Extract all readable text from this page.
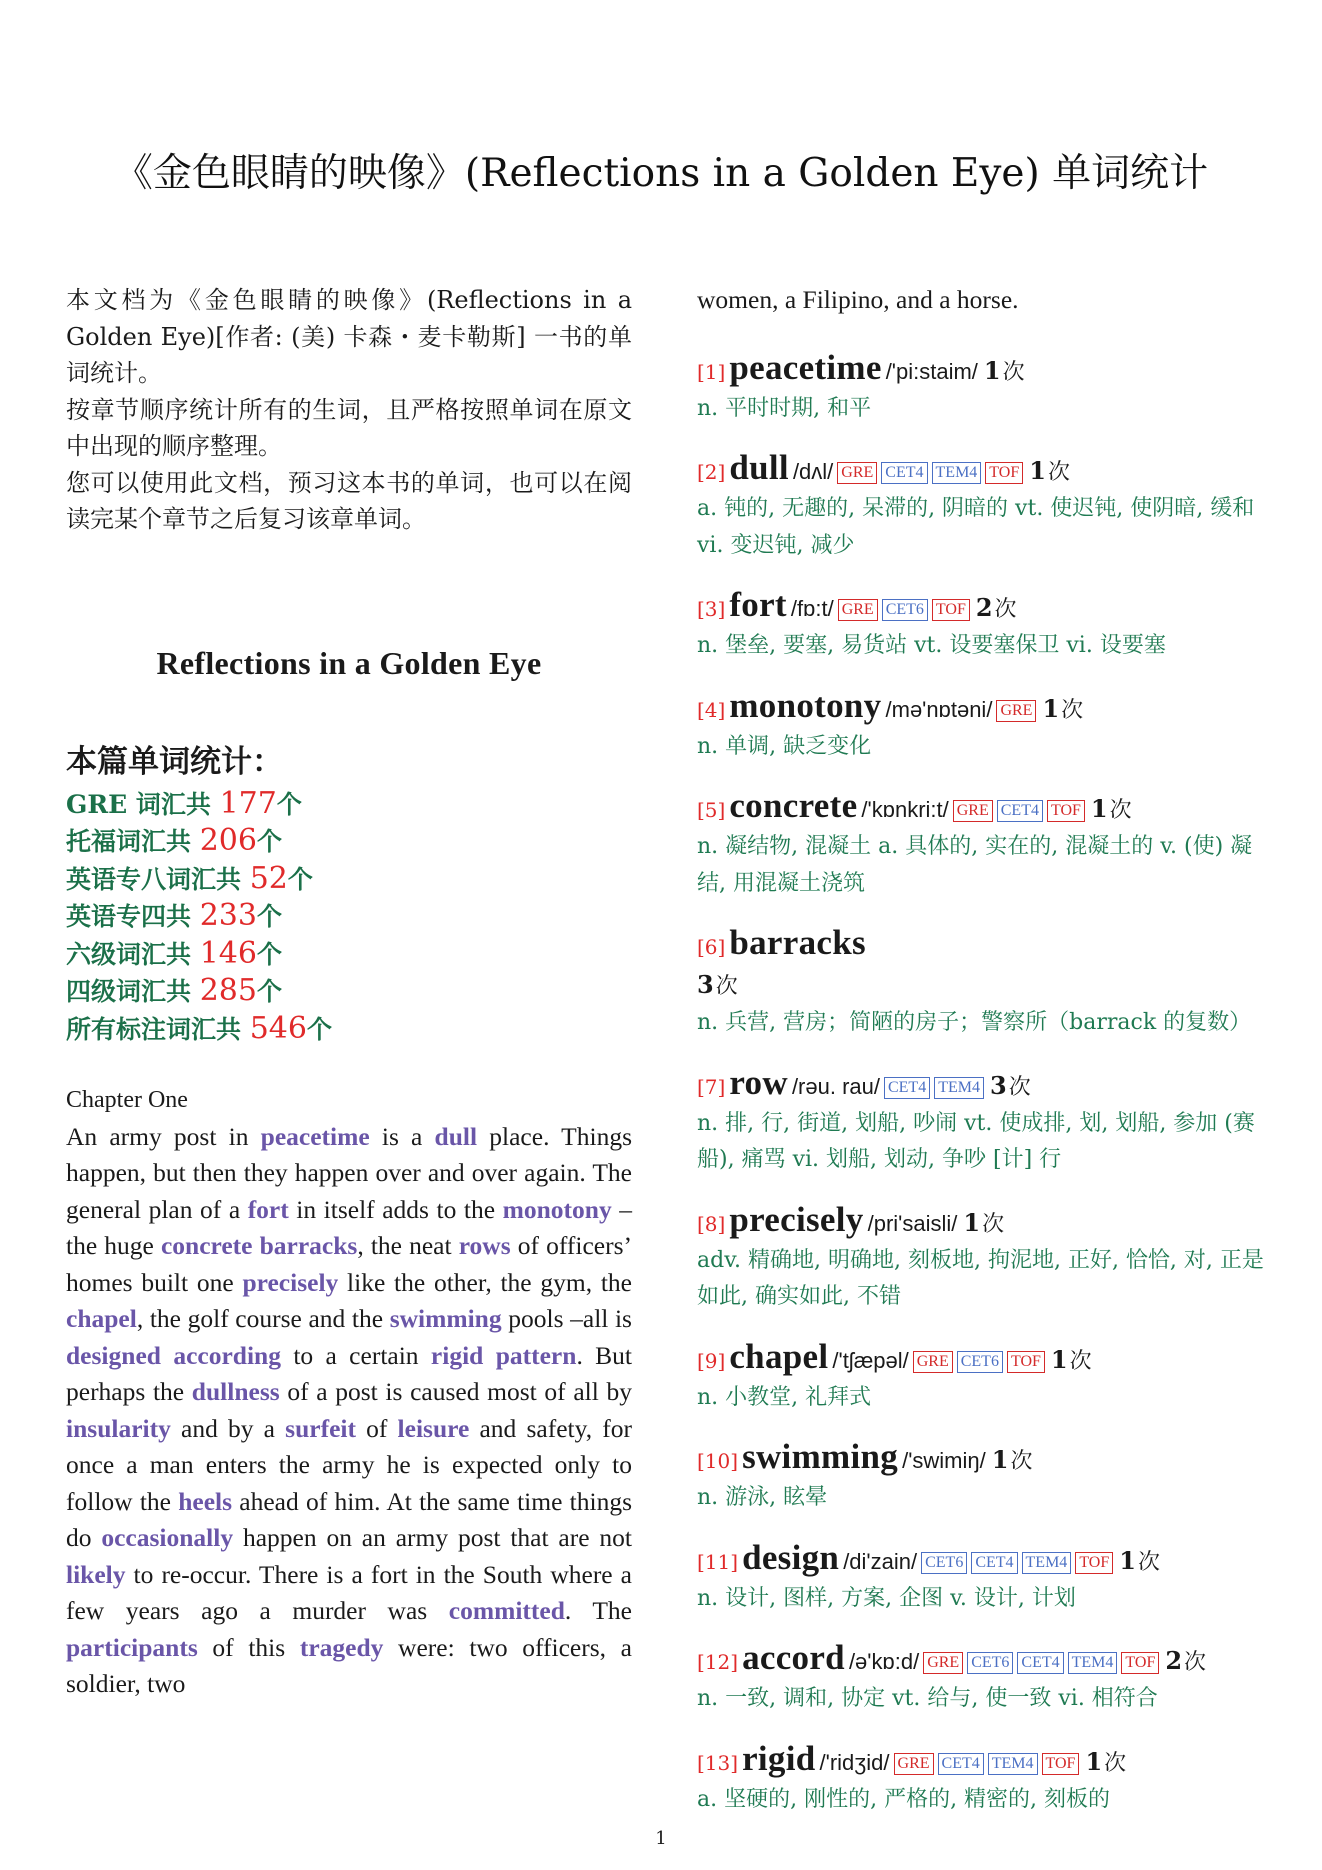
《金色眼睛的映像》(Reflections in a Golden Eye) 单词统计
本文档为《金色眼睛的映像》(Reflections in a Golden Eye)[作者: (美) 卡森・麦卡勒斯] 一书的单词统计。
按章节顺序统计所有的生词，且严格按照单词在原文中出现的顺序整理。
您可以使用此文档，预习这本书的单词，也可以在阅读完某个章节之后复习该章单词。
Reflections in a Golden Eye
本篇单词统计：
GRE 词汇共 177个
托福词汇共 206个
英语专八词汇共 52个
英语专四共 233个
六级词汇共 146个
四级词汇共 285个
所有标注词汇共 546个
Chapter One
An army post in peacetime is a dull place. Things happen, but then they happen over and over again. The general plan of a fort in itself adds to the monotony –the huge concrete barracks, the neat rows of officers’ homes built one precisely like the other, the gym, the chapel, the golf course and the swimming pools –all is designed according to a certain rigid pattern. But perhaps the dullness of a post is caused most of all by insularity and by a surfeit of leisure and safety, for once a man enters the army he is expected only to follow the heels ahead of him. At the same time things do occasionally happen on an army post that are not likely to re-occur. There is a fort in the South where a few years ago a murder was committed. The participants of this tragedy were: two officers, a soldier, two
women, a Filipino, and a horse.
[1] peacetime /'pi:staim/ 1次
n. 平时时期, 和平
[2] dull /dʌl/ GRE CET4 TEM4 TOF 1次
a. 钝的, 无趣的, 呆滞的, 阴暗的 vt. 使迟钝, 使阴暗, 缓和 vi. 变迟钝, 减少
[3] fort /fɒ:t/ GRE CET6 TOF 2次
n. 堡垒, 要塞, 易货站 vt. 设要塞保卫 vi. 设要塞
[4] monotony /mə'nɒtəni/ GRE 1次
n. 单调, 缺乏变化
[5] concrete /'kɒnkri:t/ GRE CET4 TOF 1次
n. 凝结物, 混凝土 a. 具体的, 实在的, 混凝土的 v. (使) 凝结, 用混凝土浇筑
[6] barracks
3次
n. 兵营, 营房；简陋的房子；警察所（barrack 的复数）
[7] row /rəu. rau/ CET4 TEM4 3次
n. 排, 行, 街道, 划船, 吵闹 vt. 使成排, 划, 划船, 参加 (赛船), 痛骂 vi. 划船, 划动, 争吵 [计] 行
[8] precisely /pri'saisli/ 1次
adv. 精确地, 明确地, 刻板地, 拘泥地, 正好, 恰恰, 对, 正是如此, 确实如此, 不错
[9] chapel /'tʃæpəl/ GRE CET6 TOF 1次
n. 小教堂, 礼拜式
[10] swimming /'swimiŋ/ 1次
n. 游泳, 眩晕
[11] design /di'zain/ CET6 CET4 TEM4 TOF 1次
n. 设计, 图样, 方案, 企图 v. 设计, 计划
[12] accord /ə'kɒ:d/ GRE CET6 CET4 TEM4 TOF 2次
n. 一致, 调和, 协定 vt. 给与, 使一致 vi. 相符合
[13] rigid /'ridʒid/ GRE CET4 TEM4 TOF 1次
a. 坚硬的, 刚性的, 严格的, 精密的, 刻板的
1
